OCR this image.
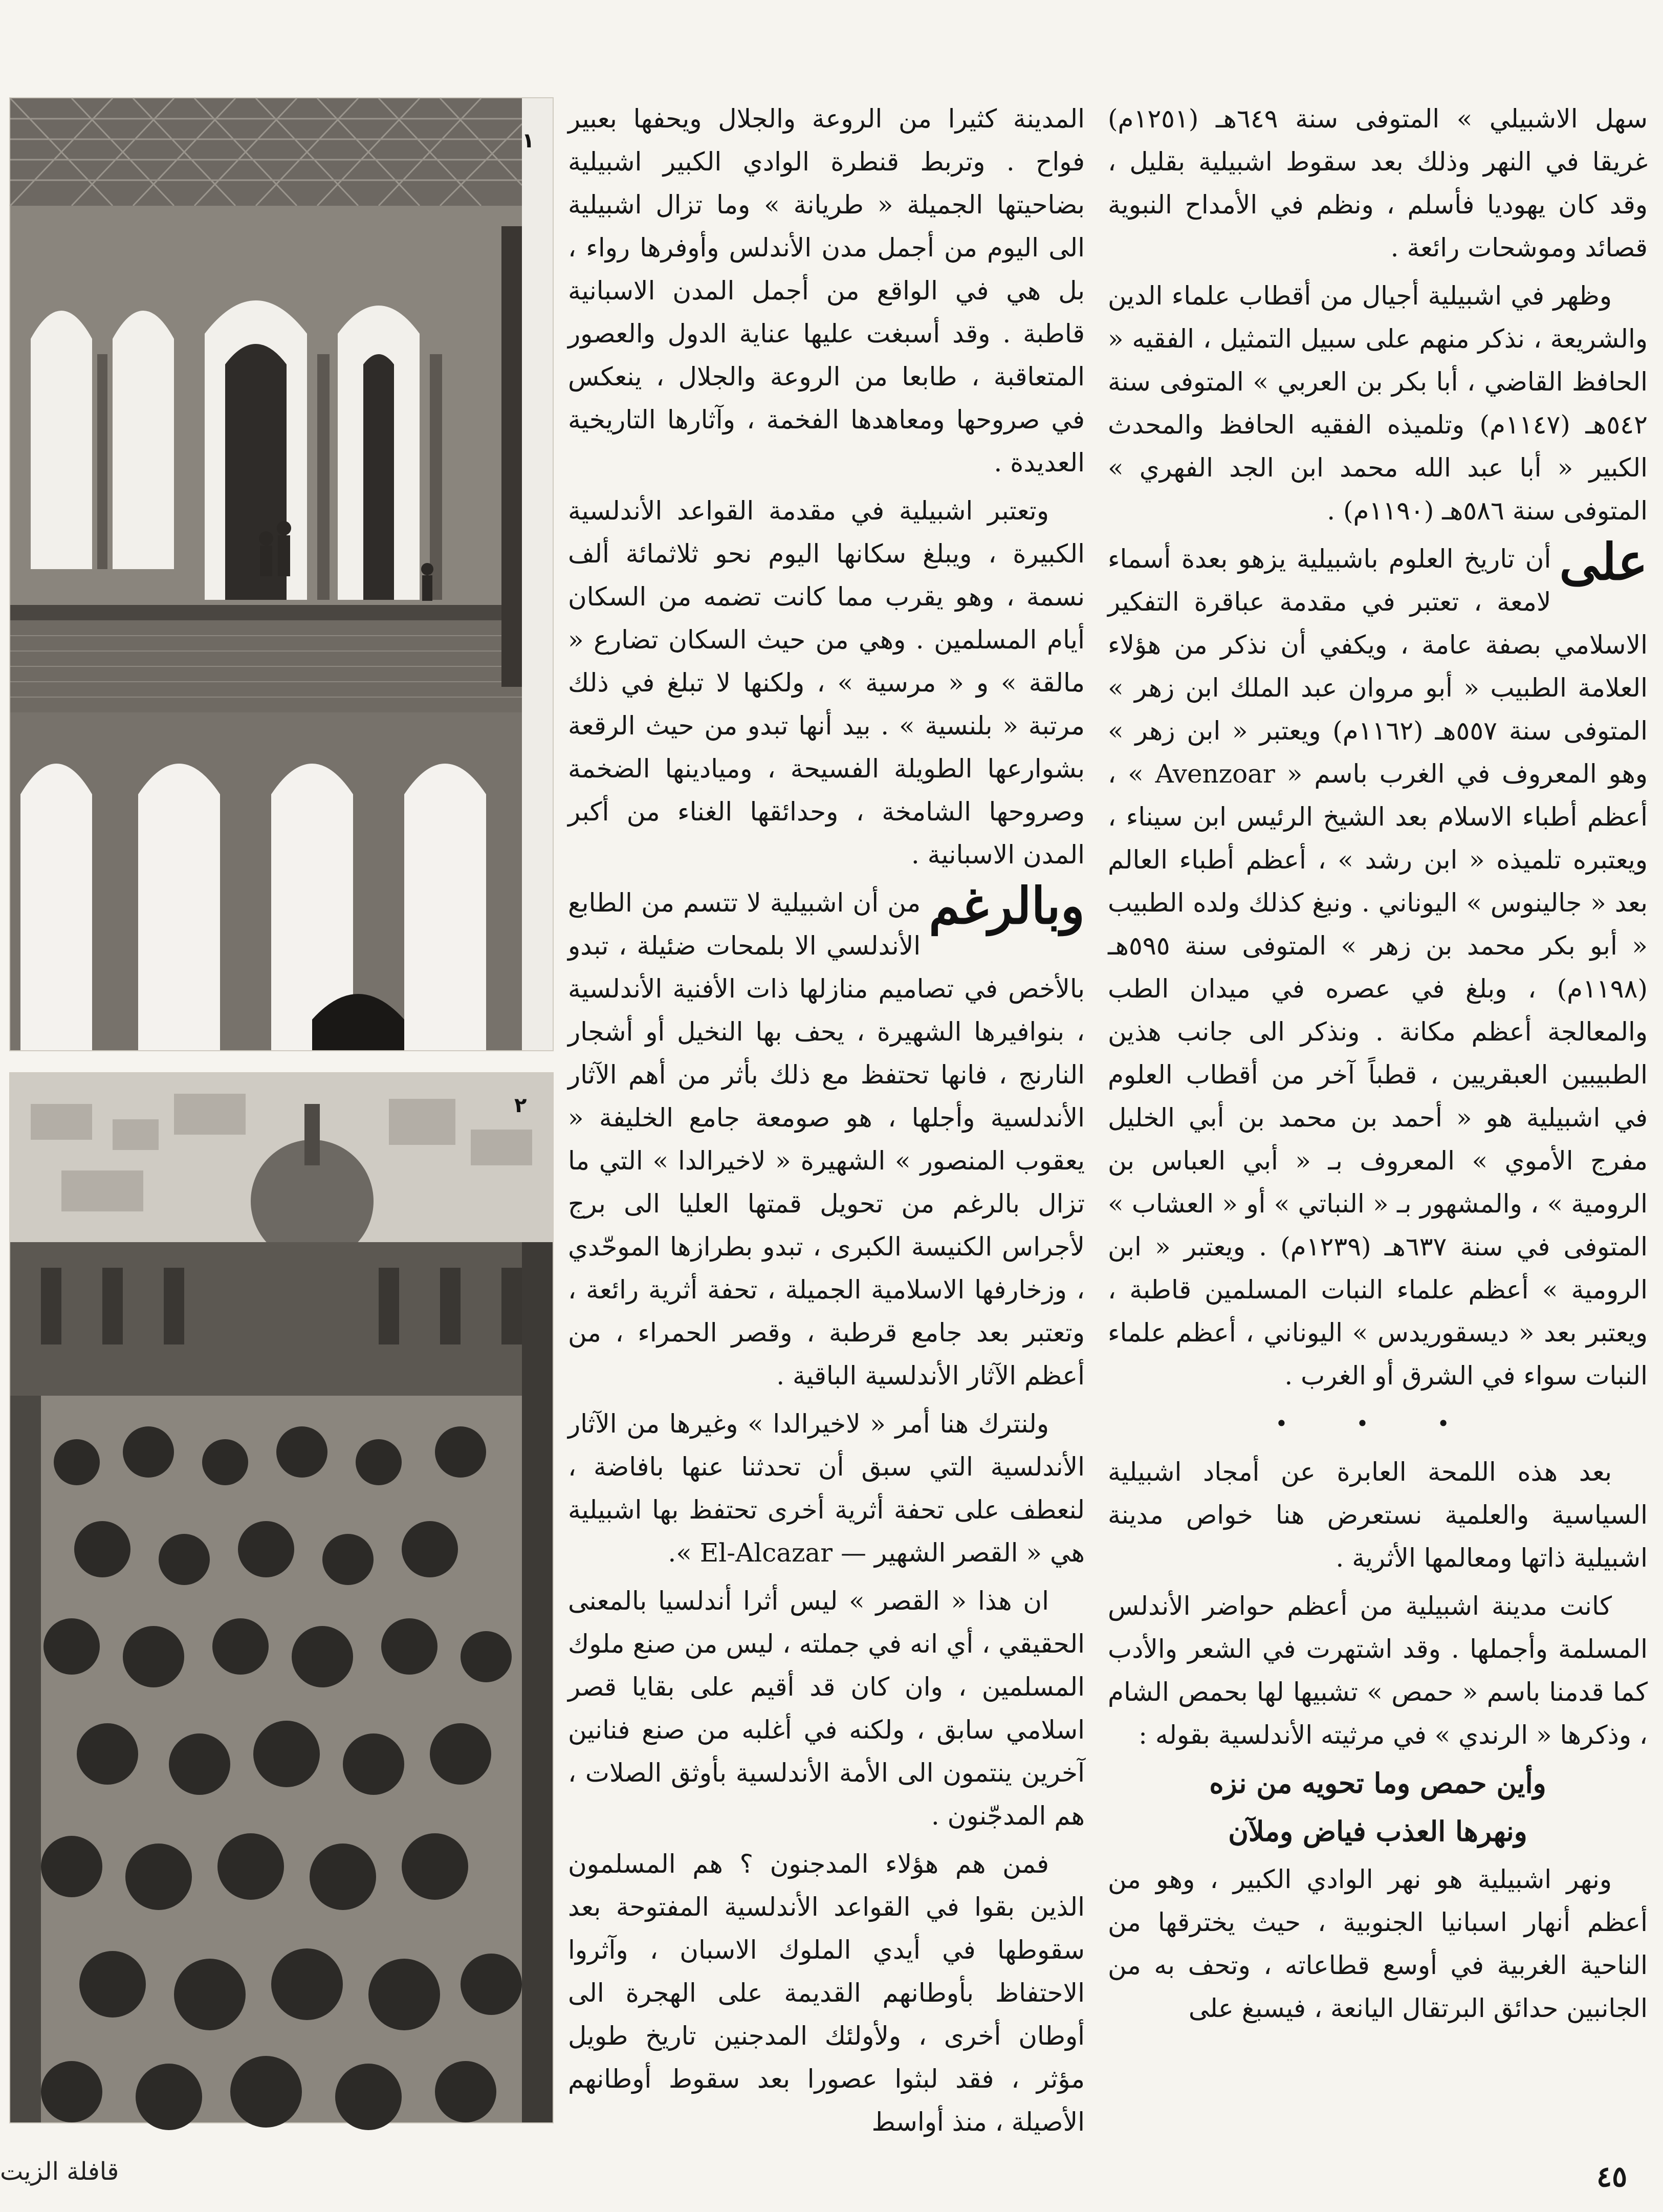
١
٢

المدينة كثيرا من الروعة والجلال ويحفها بعبير فواح . وتربط قنطرة الوادي الكبير اشبيلية بضاحيتها الجميلة « طريانة » وما تزال اشبيلية الى اليوم من أجمل مدن الأندلس وأوفرها رواء ، بل هي في الواقع من أجمل المدن الاسبانية قاطبة . وقد أسبغت عليها عناية الدول والعصور المتعاقبة ، طابعا من الروعة والجلال ، ينعكس في صروحها ومعاهدها الفخمة ، وآثارها التاريخية العديدة .

وتعتبر اشبيلية في مقدمة القواعد الأندلسية الكبيرة ، ويبلغ سكانها اليوم نحو ثلاثمائة ألف نسمة ، وهو يقرب مما كانت تضمه من السكان أيام المسلمين . وهي من حيث السكان تضارع « مالقة » و « مرسية » ، ولكنها لا تبلغ في ذلك مرتبة « بلنسية » . بيد أنها تبدو من حيث الرقعة بشوارعها الطويلة الفسيحة ، وميادينها الضخمة وصروحها الشامخة ، وحدائقها الغناء من أكبر المدن الاسبانية .

وبالرغم
من أن اشبيلية لا تتسم من الطابع الأندلسي الا بلمحات ضئيلة ، تبدو بالأخص في تصاميم منازلها ذات الأفنية الأندلسية ، بنوافيرها الشهيرة ، يحف بها النخيل أو أشجار النارنج ، فانها تحتفظ مع ذلك بأثر من أهم الآثار الأندلسية وأجلها ، هو صومعة جامع الخليفة « يعقوب المنصور » الشهيرة « لاخيرالدا » التي ما تزال بالرغم من تحويل قمتها العليا الى برج لأجراس الكنيسة الكبرى ، تبدو بطرازها الموحّدي ، وزخارفها الاسلامية الجميلة ، تحفة أثرية رائعة ، وتعتبر بعد جامع قرطبة ، وقصر الحمراء ، من أعظم الآثار الأندلسية الباقية .

ولنترك هنا أمر « لاخيرالدا » وغيرها من الآثار الأندلسية التي سبق أن تحدثنا عنها بافاضة ، لنعطف على تحفة أثرية أخرى تحتفظ بها اشبيلية هي « القصر الشهير — El-Alcazar ».

ان هذا « القصر » ليس أثرا أندلسيا بالمعنى الحقيقي ، أي انه في جملته ، ليس من صنع ملوك المسلمين ، وان كان قد أقيم على بقايا قصر اسلامي سابق ، ولكنه في أغلبه من صنع فنانين آخرين ينتمون الى الأمة الأندلسية بأوثق الصلات ، هم المدجّنون .

فمن هم هؤلاء المدجنون ؟ هم المسلمون الذين بقوا في القواعد الأندلسية المفتوحة بعد سقوطها في أيدي الملوك الاسبان ، وآثروا الاحتفاظ بأوطانهم القديمة على الهجرة الى أوطان أخرى ، ولأولئك المدجنين تاريخ طويل مؤثر ، فقد لبثوا عصورا بعد سقوط أوطانهم الأصيلة ، منذ أواسط

سهل الاشبيلي » المتوفى سنة ٦٤٩هـ (١٢٥١م) غريقا في النهر وذلك بعد سقوط اشبيلية بقليل ، وقد كان يهوديا فأسلم ، ونظم في الأمداح النبوية قصائد وموشحات رائعة .

وظهر في اشبيلية أجيال من أقطاب علماء الدين والشريعة ، نذكر منهم على سبيل التمثيل ، الفقيه « الحافظ القاضي ، أبا بكر بن العربي » المتوفى سنة ٥٤٢هـ (١١٤٧م) وتلميذه الفقيه الحافظ والمحدث الكبير « أبا عبد الله محمد ابن الجد الفهري » المتوفى سنة ٥٨٦هـ (١١٩٠م) .

على
أن تاريخ العلوم باشبيلية يزهو بعدة أسماء لامعة ، تعتبر في مقدمة عباقرة التفكير الاسلامي بصفة عامة ، ويكفي أن نذكر من هؤلاء العلامة الطبيب « أبو مروان عبد الملك ابن زهر » المتوفى سنة ٥٥٧هـ (١١٦٢م) ويعتبر « ابن زهر » وهو المعروف في الغرب باسم « Avenzoar » ، أعظم أطباء الاسلام بعد الشيخ الرئيس ابن سيناء ، ويعتبره تلميذه « ابن رشد » ، أعظم أطباء العالم بعد « جالينوس » اليوناني . ونبغ كذلك ولده الطبيب « أبو بكر محمد بن زهر » المتوفى سنة ٥٩٥هـ (١١٩٨م) ، وبلغ في عصره في ميدان الطب والمعالجة أعظم مكانة . ونذكر الى جانب هذين الطبيبين العبقريين ، قطباً آخر من أقطاب العلوم في اشبيلية هو « أحمد بن محمد بن أبي الخليل مفرج الأموي » المعروف بـ « أبي العباس بن الرومية » ، والمشهور بـ « النباتي » أو « العشاب » المتوفى في سنة ٦٣٧هـ (١٢٣٩م) . ويعتبر « ابن الرومية » أعظم علماء النبات المسلمين قاطبة ، ويعتبر بعد « ديسقوريدس » اليوناني ، أعظم علماء النبات سواء في الشرق أو الغرب .

• • •

بعد هذه اللمحة العابرة عن أمجاد اشبيلية السياسية والعلمية نستعرض هنا خواص مدينة اشبيلية ذاتها ومعالمها الأثرية .

كانت مدينة اشبيلية من أعظم حواضر الأندلس المسلمة وأجملها . وقد اشتهرت في الشعر والأدب كما قدمنا باسم « حمص » تشبيها لها بحمص الشام ، وذكرها « الرندي » في مرثيته الأندلسية بقوله :

وأين حمص وما تحويه من نزه

ونهرها العذب فياض وملآن

ونهر اشبيلية هو نهر الوادي الكبير ، وهو من أعظم أنهار اسبانيا الجنوبية ، حيث يخترقها من الناحية الغربية في أوسع قطاعاته ، وتحف به من الجانبين حدائق البرتقال اليانعة ، فيسبغ على

٤٥
قافلة الزيت
